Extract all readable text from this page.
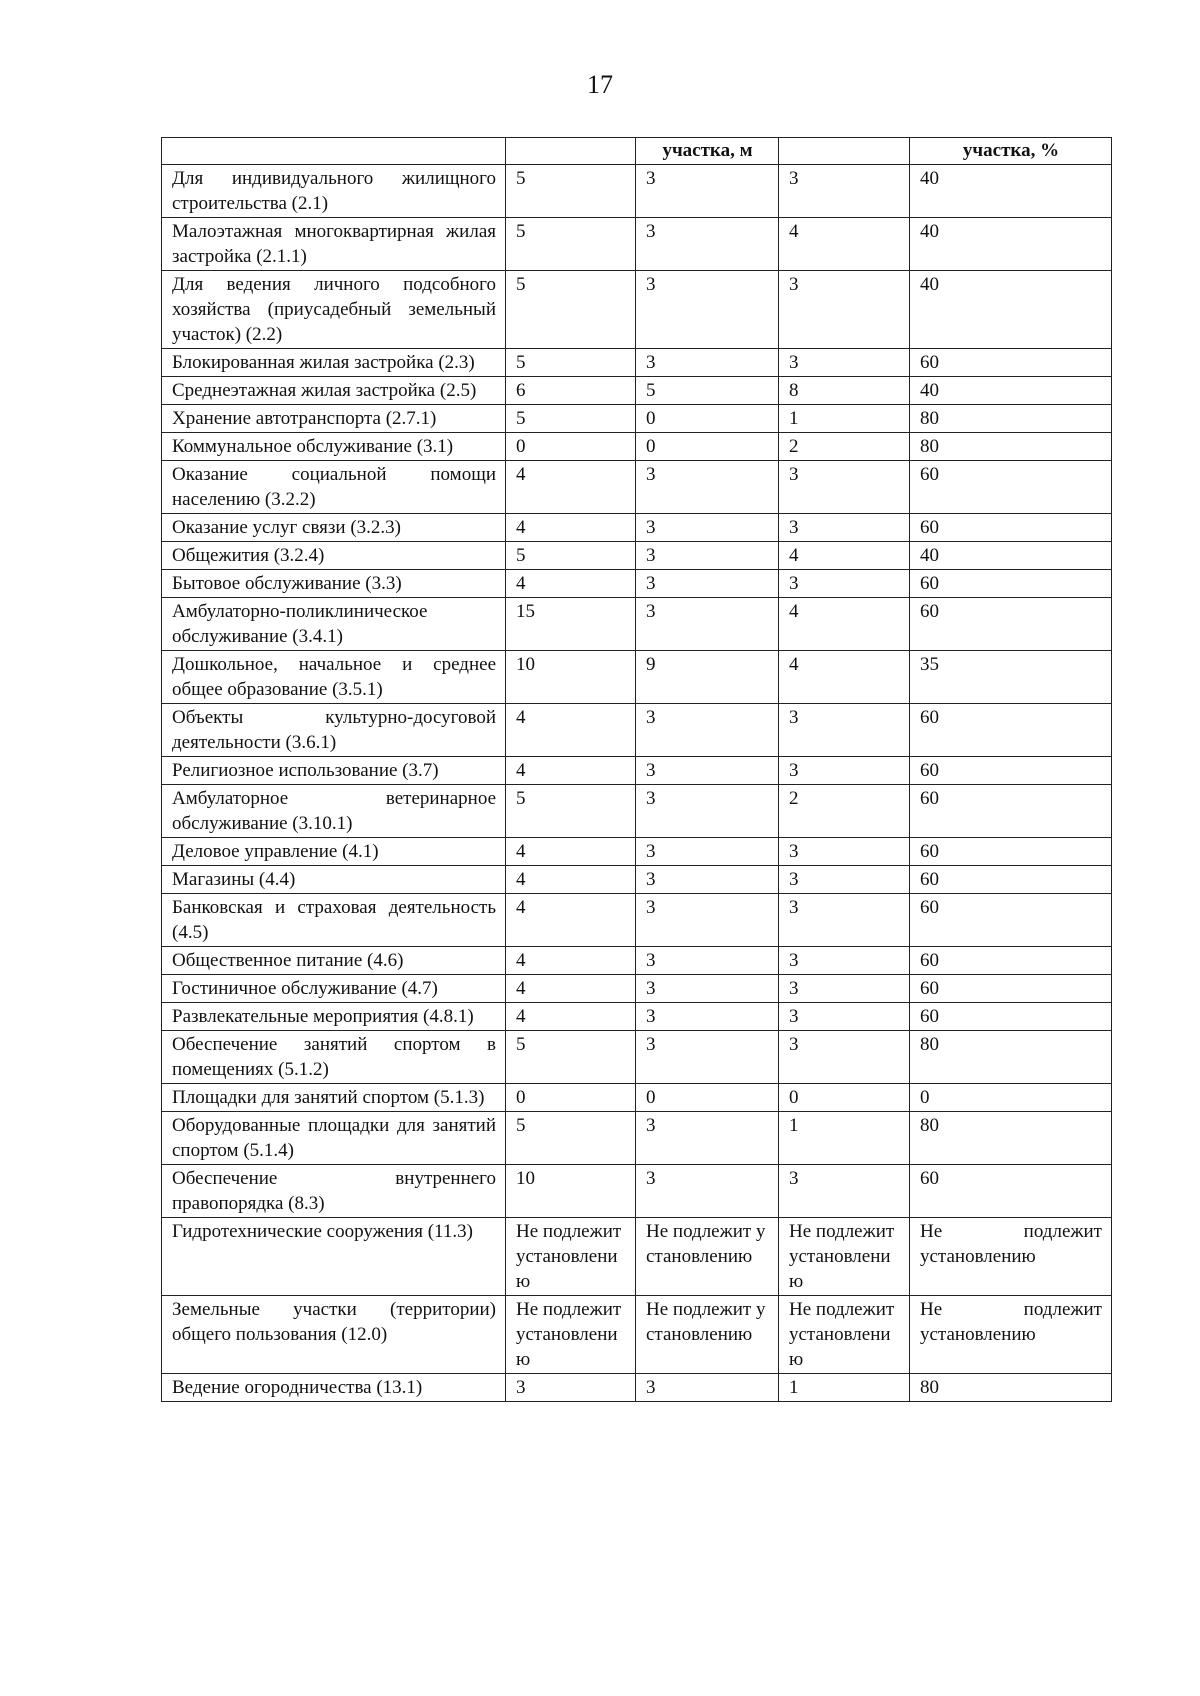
17
		участка, м		участка, %
Для индивидуального жилищного строительства (2.1)	5	3	3	40
Малоэтажная многоквартирная жилая застройка (2.1.1)	5	3	4	40
Для ведения личного подсобного хозяйства (приусадебный земельный участок) (2.2)	5	3	3	40
Блокированная жилая застройка (2.3)	5	3	3	60
Среднеэтажная жилая застройка (2.5)	6	5	8	40
Хранение автотранспорта (2.7.1)	5	0	1	80
Коммунальное обслуживание (3.1)	0	0	2	80
Оказание социальной помощи населению (3.2.2)	4	3	3	60
Оказание услуг связи (3.2.3)	4	3	3	60
Общежития (3.2.4)	5	3	4	40
Бытовое обслуживание (3.3)	4	3	3	60
Амбулаторно-поликлиническое обслуживание (3.4.1)	15	3	4	60
Дошкольное, начальное и среднее общее образование (3.5.1)	10	9	4	35
Объекты культурно-досуговой деятельности (3.6.1)	4	3	3	60
Религиозное использование (3.7)	4	3	3	60
Амбулаторное ветеринарное обслуживание (3.10.1)	5	3	2	60
Деловое управление (4.1)	4	3	3	60
Магазины (4.4)	4	3	3	60
Банковская и страховая деятельность (4.5)	4	3	3	60
Общественное питание (4.6)	4	3	3	60
Гостиничное обслуживание (4.7)	4	3	3	60
Развлекательные мероприятия (4.8.1)	4	3	3	60
Обеспечение занятий спортом в помещениях (5.1.2)	5	3	3	80
Площадки для занятий спортом (5.1.3)	0	0	0	0
Оборудованные площадки для занятий спортом (5.1.4)	5	3	1	80
Обеспечение внутреннего правопорядка (8.3)	10	3	3	60
Гидротехнические сооружения (11.3)	Не подлежит установлению	Не подлежит установлению	Не подлежит установлению	Не подлежит установлению
Земельные участки (территории) общего пользования (12.0)	Не подлежит установлению	Не подлежит установлению	Не подлежит установлению	Не подлежит установлению
Ведение огородничества (13.1)	3	3	1	80
